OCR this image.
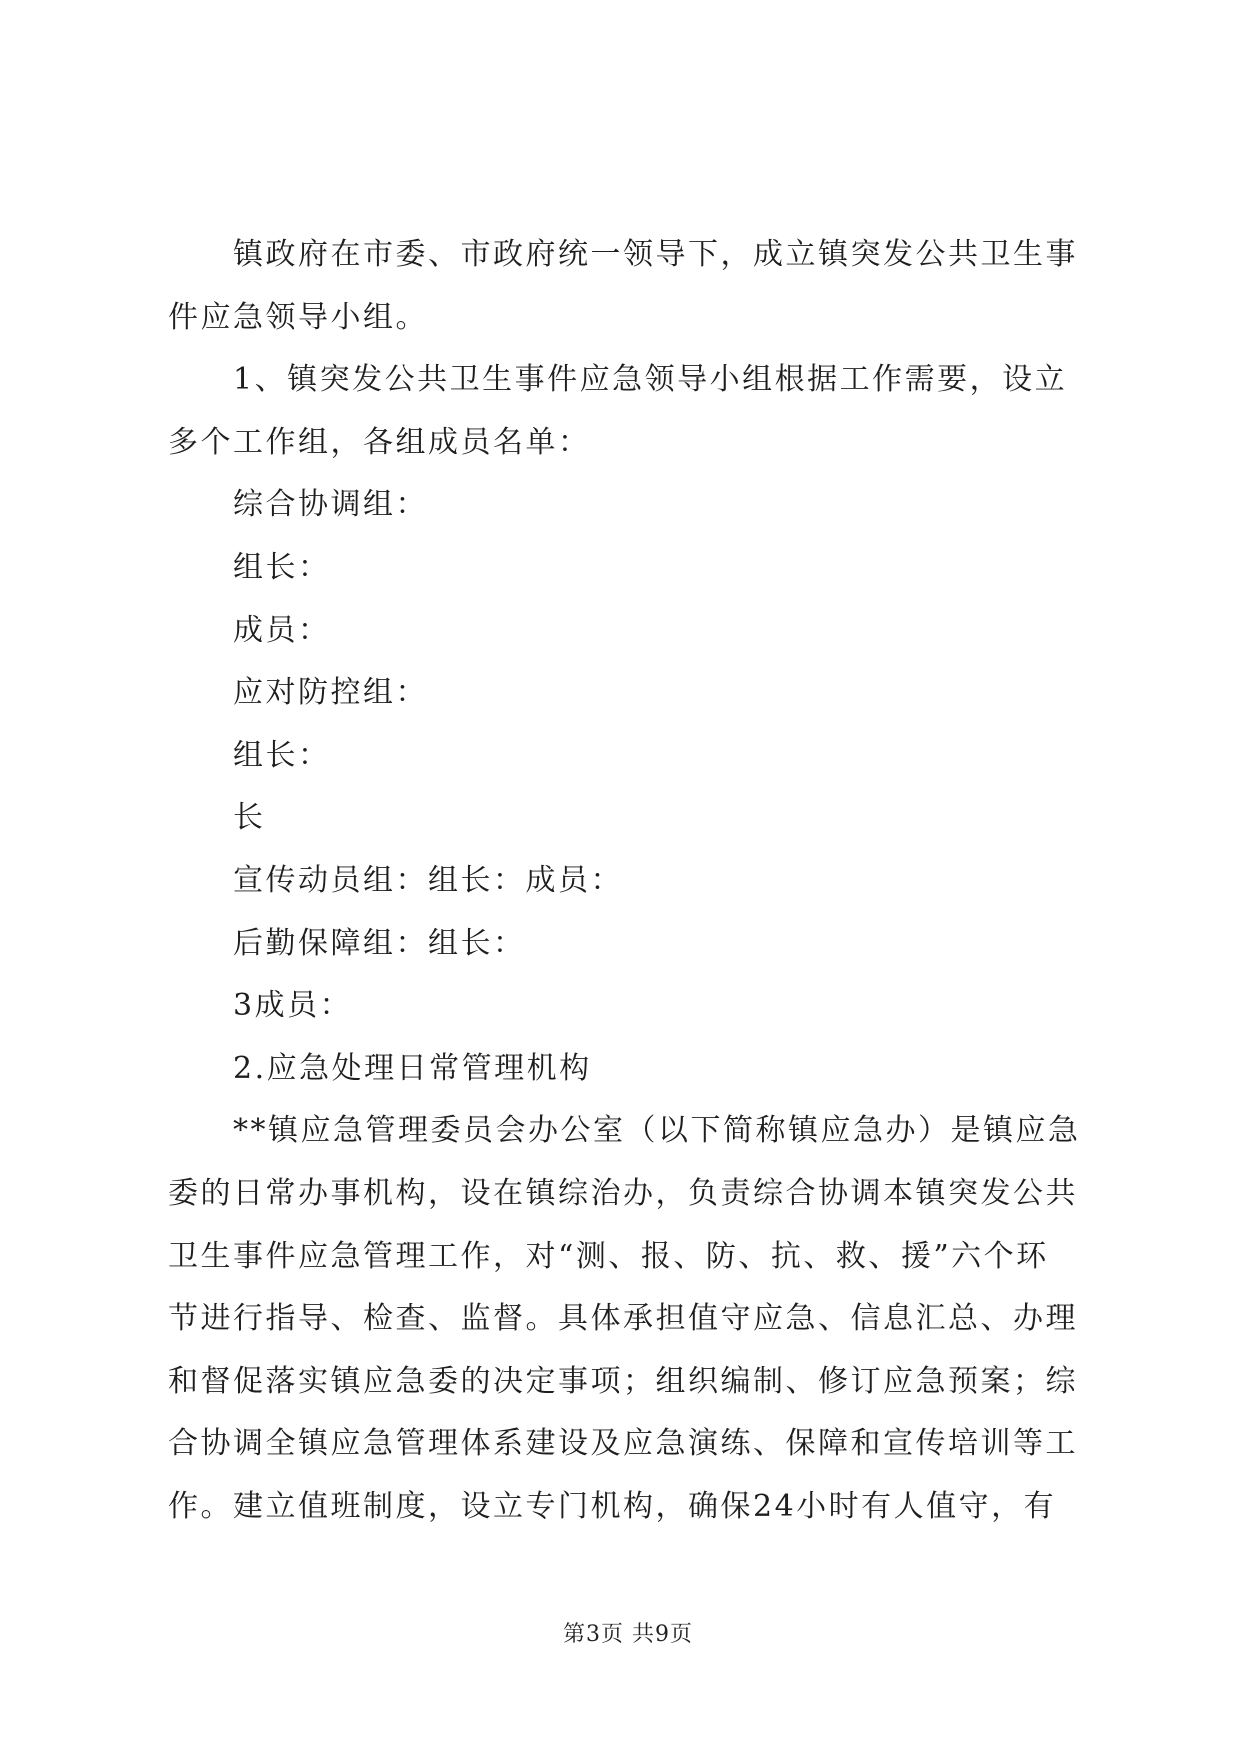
镇政府在市委、市政府统一领导下，成立镇突发公共卫生事
件应急领导小组。
1、镇突发公共卫生事件应急领导小组根据工作需要，设立
多个工作组，各组成员名单：
综合协调组：
组长：
成员：
应对防控组：
组长：
长
宣传动员组：组长：成员：
后勤保障组：组长：
3成员：
2.应急处理日常管理机构
**镇应急管理委员会办公室（以下简称镇应急办）是镇应急
委的日常办事机构，设在镇综治办，负责综合协调本镇突发公共
卫生事件应急管理工作，对“测、报、防、抗、救、援”六个环
节进行指导、检查、监督。具体承担值守应急、信息汇总、办理
和督促落实镇应急委的决定事项；组织编制、修订应急预案；综
合协调全镇应急管理体系建设及应急演练、保障和宣传培训等工
作。建立值班制度，设立专门机构，确保24小时有人值守，有
第3页 共9页
